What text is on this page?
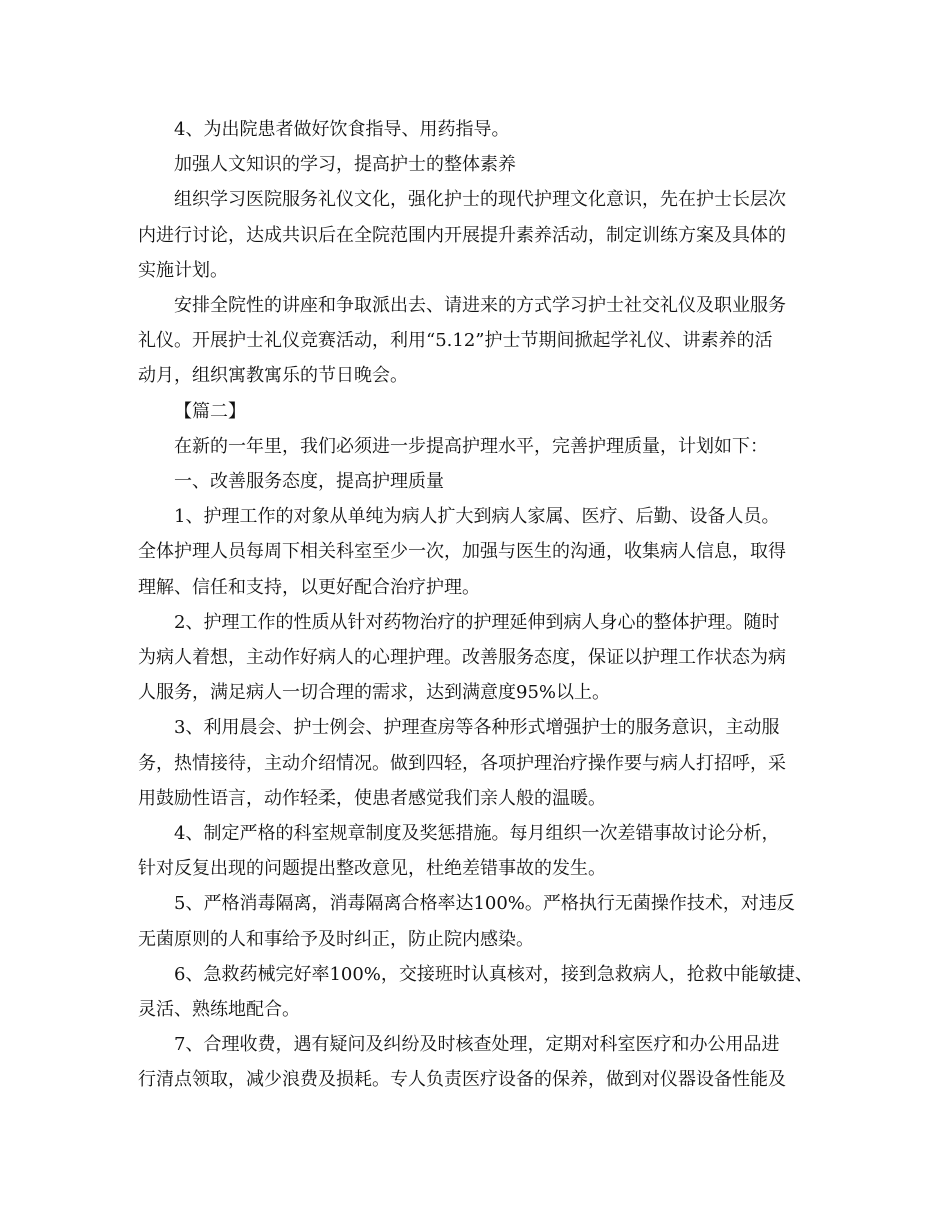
4、为出院患者做好饮食指导、用药指导。

加强人文知识的学习，提高护士的整体素养

组织学习医院服务礼仪文化，强化护士的现代护理文化意识，先在护士长层次
内进行讨论，达成共识后在全院范围内开展提升素养活动，制定训练方案及具体的
实施计划。

安排全院性的讲座和争取派出去、请进来的方式学习护士社交礼仪及职业服务
礼仪。开展护士礼仪竞赛活动，利用“5.12”护士节期间掀起学礼仪、讲素养的活
动月，组织寓教寓乐的节日晚会。

【篇二】

在新的一年里，我们必须进一步提高护理水平，完善护理质量，计划如下：

一、改善服务态度，提高护理质量

1、护理工作的对象从单纯为病人扩大到病人家属、医疗、后勤、设备人员。
全体护理人员每周下相关科室至少一次，加强与医生的沟通，收集病人信息，取得
理解、信任和支持，以更好配合治疗护理。

2、护理工作的性质从针对药物治疗的护理延伸到病人身心的整体护理。随时
为病人着想，主动作好病人的心理护理。改善服务态度，保证以护理工作状态为病
人服务，满足病人一切合理的需求，达到满意度95%以上。

3、利用晨会、护士例会、护理查房等各种形式增强护士的服务意识，主动服
务，热情接待，主动介绍情况。做到四轻，各项护理治疗操作要与病人打招呼，采
用鼓励性语言，动作轻柔，使患者感觉我们亲人般的温暖。

4、制定严格的科室规章制度及奖惩措施。每月组织一次差错事故讨论分析，
针对反复出现的问题提出整改意见，杜绝差错事故的发生。

5、严格消毒隔离，消毒隔离合格率达100%。严格执行无菌操作技术，对违反
无菌原则的人和事给予及时纠正，防止院内感染。

6、急救药械完好率100%，交接班时认真核对，接到急救病人，抢救中能敏捷、
灵活、熟练地配合。

7、合理收费，遇有疑问及纠纷及时核查处理，定期对科室医疗和办公用品进
行清点领取，减少浪费及损耗。专人负责医疗设备的保养，做到对仪器设备性能及
